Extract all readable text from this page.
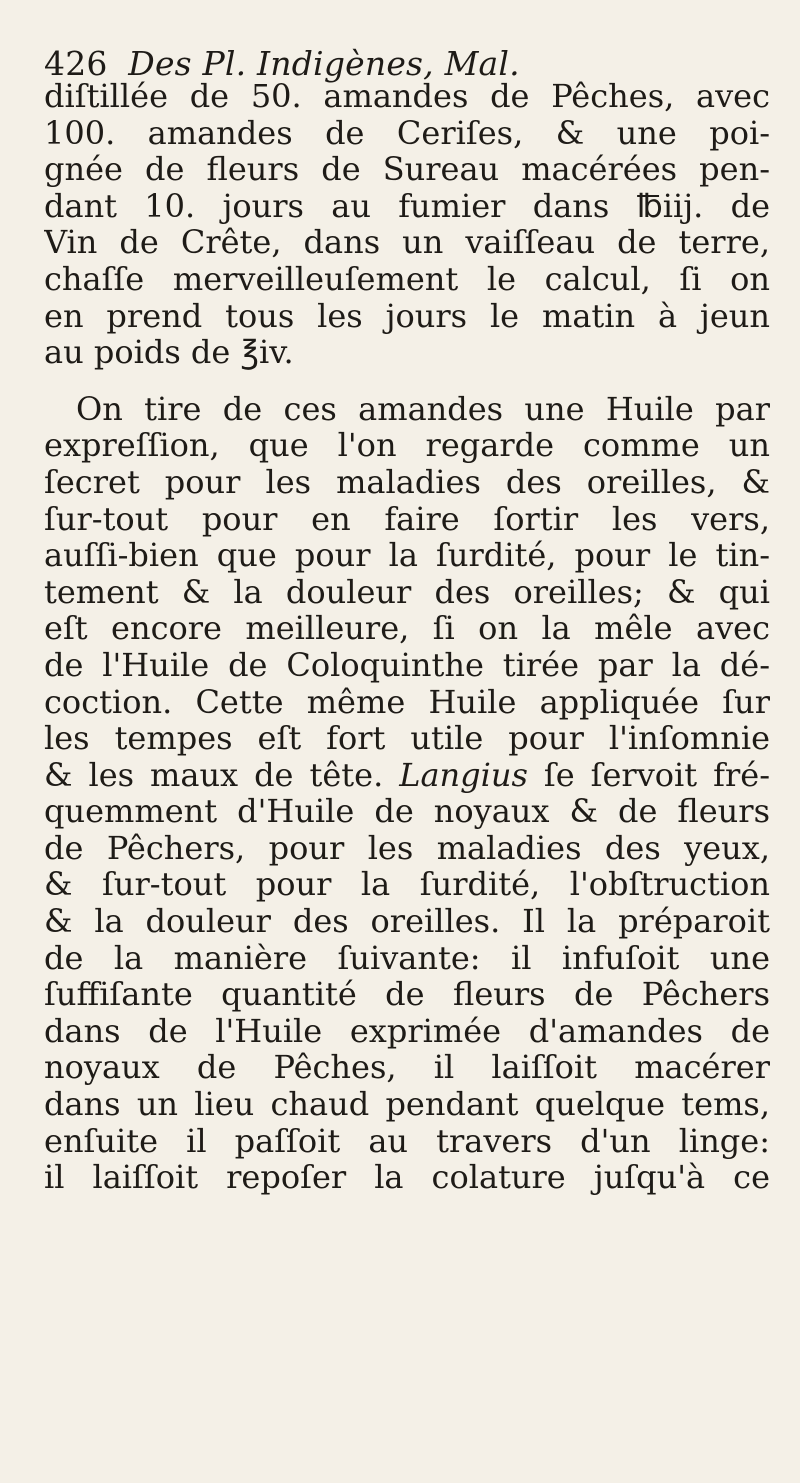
426 Des Pl. Indigènes, Mal.
diſtillée de 50. amandes de Pêches, avec
100. amandes de Ceriſes, & une poi-
gnée de fleurs de Sureau macérées pen-
dant 10. jours au fumier dans ℔iij. de
Vin de Crête, dans un vaiſſeau de terre,
chaſſe merveilleuſement le calcul, ſi on
en prend tous les jours le matin à jeun
au poids de ℥iv.
On tire de ces amandes une Huile par
expreſſion, que l'on regarde comme un
ſecret pour les maladies des oreilles, &
ſur-tout pour en faire ſortir les vers,
auſſi-bien que pour la ſurdité, pour le tin-
tement & la douleur des oreilles; & qui
eſt encore meilleure, ſi on la mêle avec
de l'Huile de Coloquinthe tirée par la dé-
coction. Cette même Huile appliquée ſur
les tempes eſt fort utile pour l'inſomnie
& les maux de tête. Langius ſe ſervoit fré-
quemment d'Huile de noyaux & de fleurs
de Pêchers, pour les maladies des yeux,
& ſur-tout pour la ſurdité, l'obſtruction
& la douleur des oreilles. Il la préparoit
de la manière ſuivante: il infuſoit une
ſuffiſante quantité de fleurs de Pêchers
dans de l'Huile exprimée d'amandes de
noyaux de Pêches, il laiſſoit macérer
dans un lieu chaud pendant quelque tems,
enſuite il paſſoit au travers d'un linge:
il laiſſoit repoſer la colature juſqu'à ce
